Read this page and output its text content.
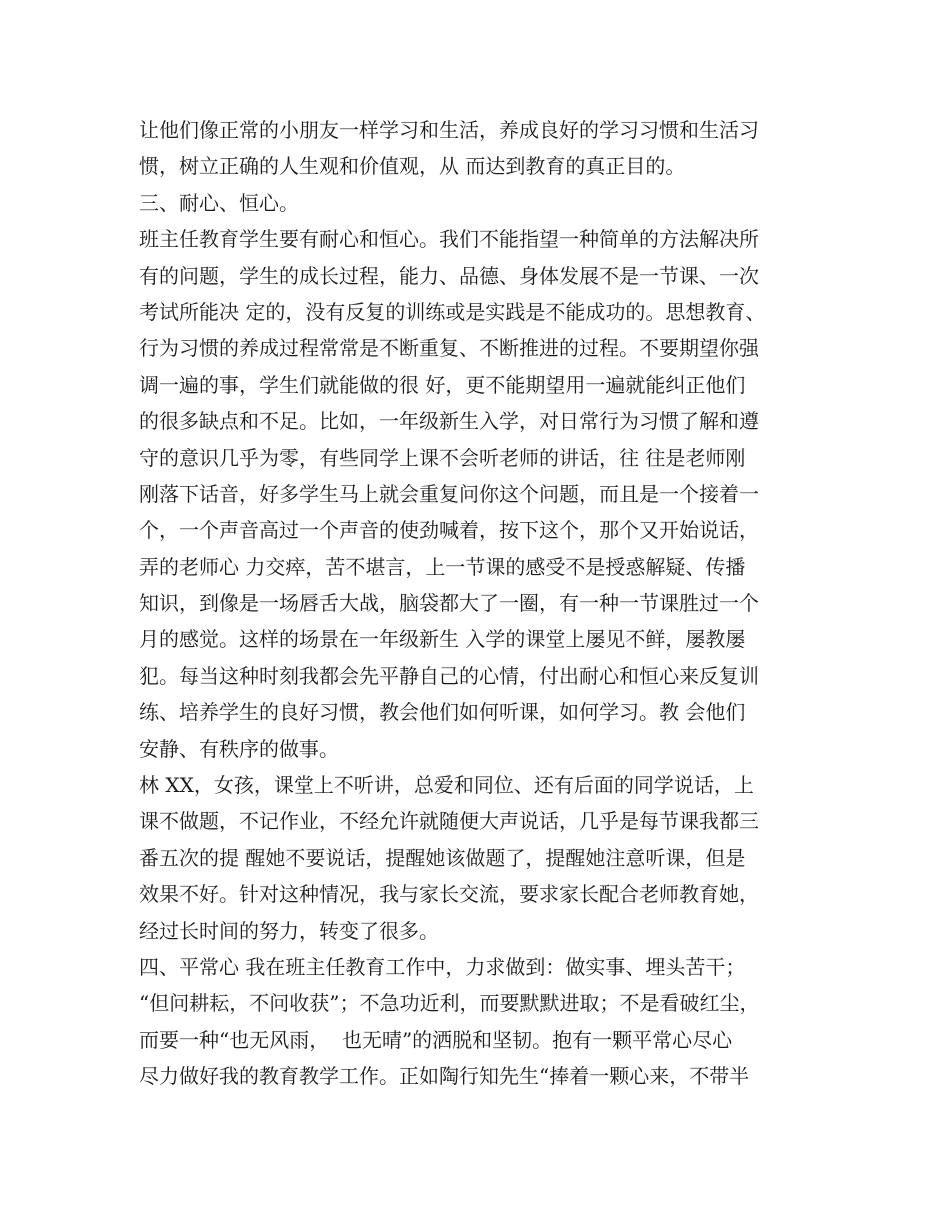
让他们像正常的小朋友一样学习和生活，养成良好的学习习惯和生活习
惯，树立正确的人生观和价值观，从 而达到教育的真正目的。
三、耐心、恒心。
班主任教育学生要有耐心和恒心。我们不能指望一种简单的方法解决所
有的问题，学生的成长过程，能力、品德、身体发展不是一节课、一次
考试所能决 定的，没有反复的训练或是实践是不能成功的。思想教育、
行为习惯的养成过程常常是不断重复、不断推进的过程。不要期望你强
调一遍的事，学生们就能做的很 好，更不能期望用一遍就能纠正他们
的很多缺点和不足。比如，一年级新生入学，对日常行为习惯了解和遵
守的意识几乎为零，有些同学上课不会听老师的讲话，往 往是老师刚
刚落下话音，好多学生马上就会重复问你这个问题，而且是一个接着一
个，一个声音高过一个声音的使劲喊着，按下这个，那个又开始说话，
弄的老师心 力交瘁，苦不堪言，上一节课的感受不是授惑解疑、传播
知识，到像是一场唇舌大战，脑袋都大了一圈，有一种一节课胜过一个
月的感觉。这样的场景在一年级新生 入学的课堂上屡见不鲜，屡教屡
犯。每当这种时刻我都会先平静自己的心情，付出耐心和恒心来反复训
练、培养学生的良好习惯，教会他们如何听课，如何学习。教 会他们
安静、有秩序的做事。
林 XX，女孩，课堂上不听讲，总爱和同位、还有后面的同学说话，上
课不做题，不记作业，不经允许就随便大声说话，几乎是每节课我都三
番五次的提 醒她不要说话，提醒她该做题了，提醒她注意听课，但是
效果不好。针对这种情况，我与家长交流，要求家长配合老师教育她，
经过长时间的努力，转变了很多。
四、平常心 我在班主任教育工作中，力求做到：做实事、埋头苦干；
“但问耕耘，不问收获”；不急功近利，而要默默进取；不是看破红尘，
而要一种“也无风雨，  也无晴”的洒脱和坚韧。抱有一颗平常心尽心
尽力做好我的教育教学工作。正如陶行知先生“捧着一颗心来，不带半
